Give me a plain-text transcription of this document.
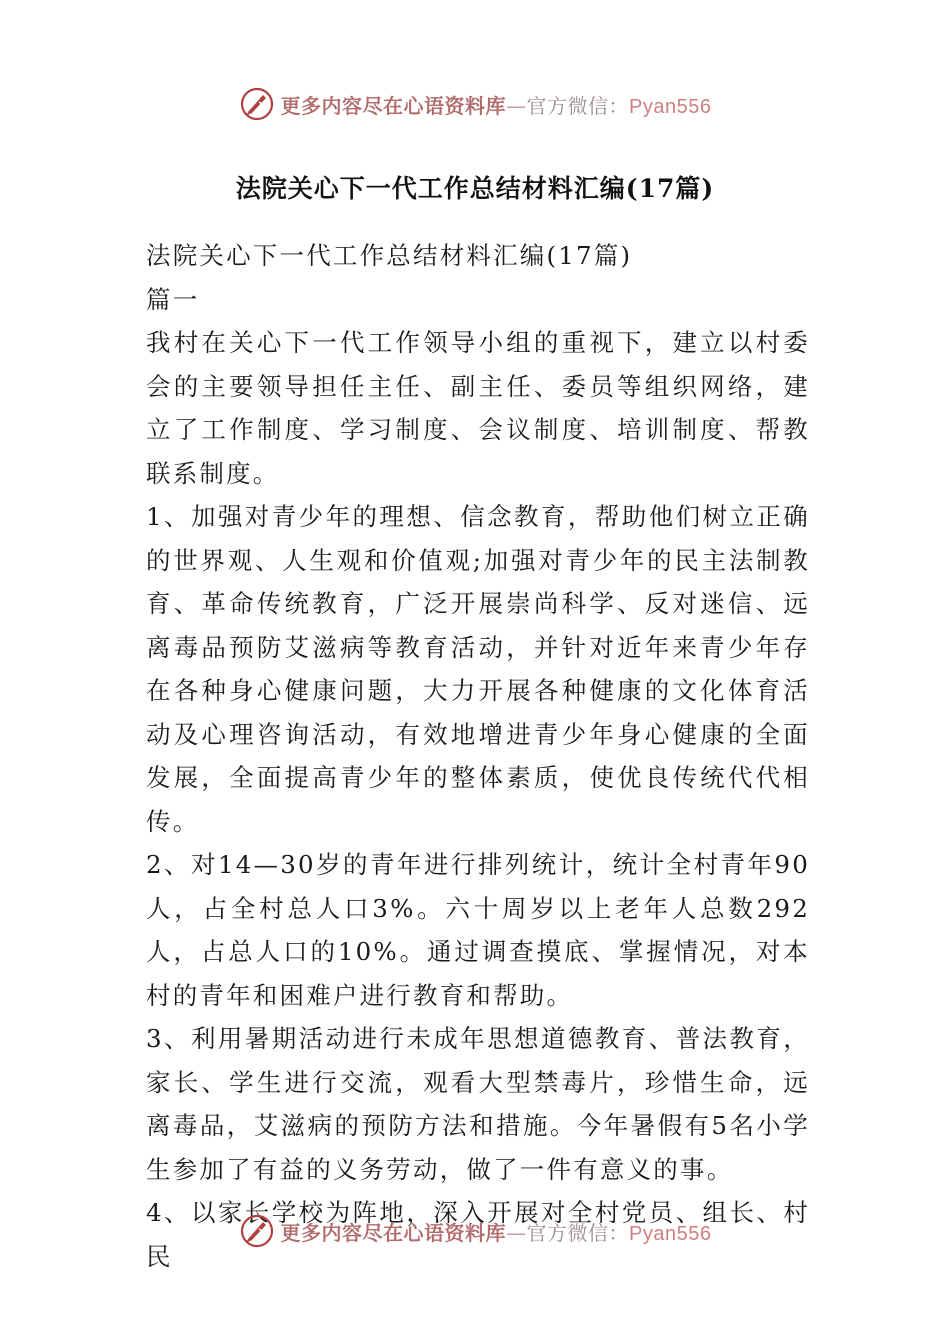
更多内容尽在心语资料库—官方微信：Pyan556
法院关心下一代工作总结材料汇编(17篇)

法院关心下一代工作总结材料汇编(17篇)

篇一

我村在关心下一代工作领导小组的重视下，建立以村委会的主要领导担任主任、副主任、委员等组织网络，建立了工作制度、学习制度、会议制度、培训制度、帮教联系制度。

1、加强对青少年的理想、信念教育，帮助他们树立正确的世界观、人生观和价值观;加强对青少年的民主法制教育、革命传统教育，广泛开展崇尚科学、反对迷信、远离毒品预防艾滋病等教育活动，并针对近年来青少年存在各种身心健康问题，大力开展各种健康的文化体育活动及心理咨询活动，有效地增进青少年身心健康的全面发展，全面提高青少年的整体素质，使优良传统代代相传。

2、对14—30岁的青年进行排列统计，统计全村青年90人，占全村总人口3%。六十周岁以上老年人总数292人，占总人口的10%。通过调查摸底、掌握情况，对本村的青年和困难户进行教育和帮助。

3、利用暑期活动进行未成年思想道德教育、普法教育，家长、学生进行交流，观看大型禁毒片，珍惜生命，远离毒品，艾滋病的预防方法和措施。今年暑假有5名小学生参加了有益的义务劳动，做了一件有意义的事。

4、以家长学校为阵地，深入开展对全村党员、组长、村民

更多内容尽在心语资料库—官方微信：Pyan556
